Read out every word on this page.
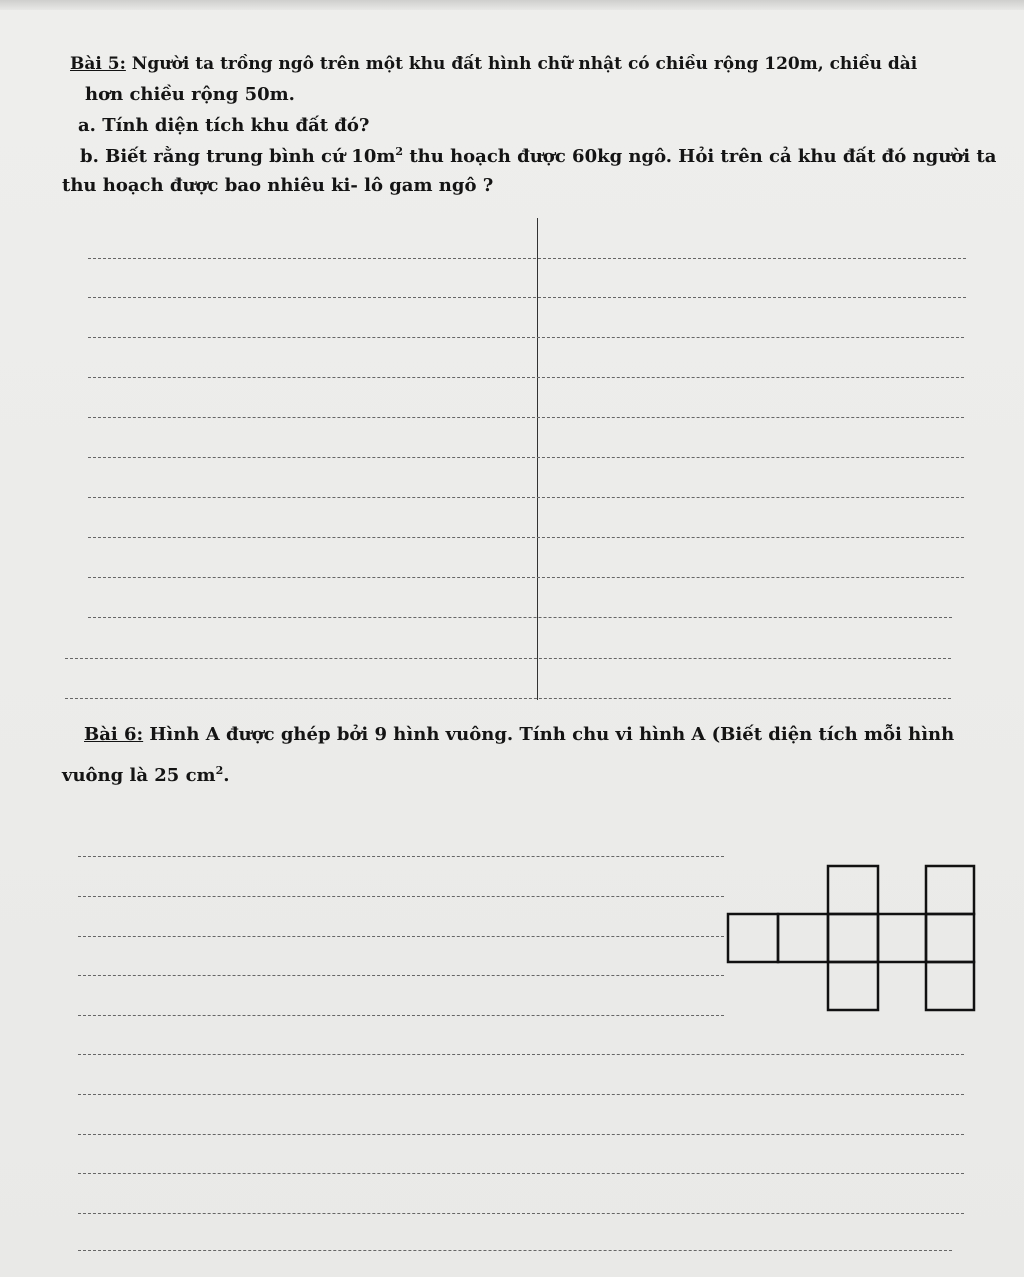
Bài 5: Người ta trồng ngô trên một khu đất hình chữ nhật có chiều rộng 120m, chiều dài
hơn chiều rộng 50m.
a. Tính diện tích khu đất đó?
b. Biết rằng trung bình cứ $10m^2$ thu hoạch được 60kg ngô. Hỏi trên cả khu đất đó người ta
thu hoạch được bao nhiêu ki- lô gam ngô ?
Bài 6: Hình A được ghép bởi 9 hình vuông. Tính chu vi hình A (Biết diện tích mỗi hình
vuông là 25 $cm^2$.
